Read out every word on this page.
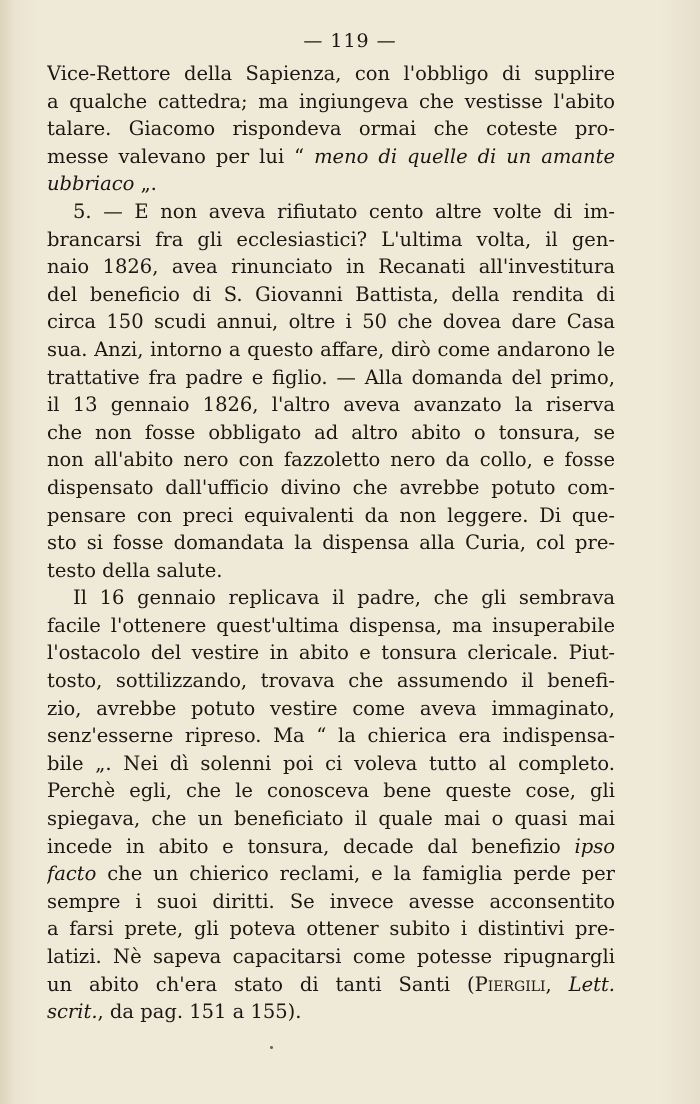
— 119 —
Vice-Rettore della Sapienza, con l'obbligo di supplire
a qualche cattedra; ma ingiungeva che vestisse l'abito
talare. Giacomo rispondeva ormai che coteste pro-
messe valevano per lui “ meno di quelle di un amante
ubbriaco „.
5. — E non aveva rifiutato cento altre volte di im-
brancarsi fra gli ecclesiastici? L'ultima volta, il gen-
naio 1826, avea rinunciato in Recanati all'investitura
del beneficio di S. Giovanni Battista, della rendita di
circa 150 scudi annui, oltre i 50 che dovea dare Casa
sua. Anzi, intorno a questo affare, dirò come andarono le
trattative fra padre e figlio. — Alla domanda del primo,
il 13 gennaio 1826, l'altro aveva avanzato la riserva
che non fosse obbligato ad altro abito o tonsura, se
non all'abito nero con fazzoletto nero da collo, e fosse
dispensato dall'ufficio divino che avrebbe potuto com-
pensare con preci equivalenti da non leggere. Di que-
sto si fosse domandata la dispensa alla Curia, col pre-
testo della salute.
Il 16 gennaio replicava il padre, che gli sembrava
facile l'ottenere quest'ultima dispensa, ma insuperabile
l'ostacolo del vestire in abito e tonsura clericale. Piut-
tosto, sottilizzando, trovava che assumendo il benefi-
zio, avrebbe potuto vestire come aveva immaginato,
senz'esserne ripreso. Ma “ la chierica era indispensa-
bile „. Nei dì solenni poi ci voleva tutto al completo.
Perchè egli, che le conosceva bene queste cose, gli
spiegava, che un beneficiato il quale mai o quasi mai
incede in abito e tonsura, decade dal benefizio ipso
facto che un chierico reclami, e la famiglia perde per
sempre i suoi diritti. Se invece avesse acconsentito
a farsi prete, gli poteva ottener subito i distintivi pre-
latizi. Nè sapeva capacitarsi come potesse ripugnargli
un abito ch'era stato di tanti Santi (Piergili, Lett.
scrit., da pag. 151 a 155).
